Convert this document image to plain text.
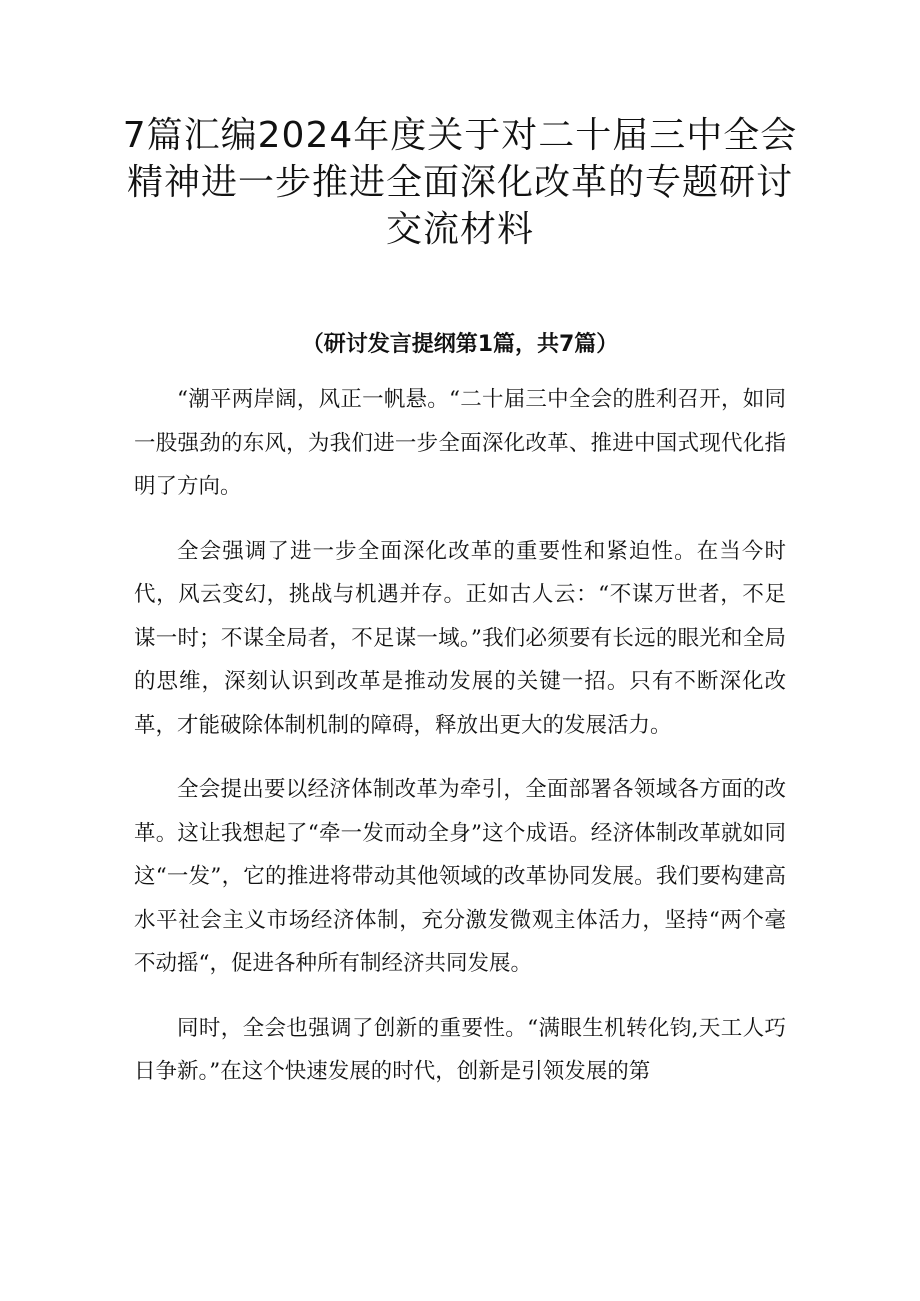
7篇汇编2024年度关于对二十届三中全会
精神进一步推进全面深化改革的专题研讨
交流材料
（研讨发言提纲第1篇，共7篇）

“潮平两岸阔，风正一帆悬。“二十届三中全会的胜利召开，如同一股强劲的东风，为我们进一步全面深化改革、推进中国式现代化指明了方向。

全会强调了进一步全面深化改革的重要性和紧迫性。在当今时代，风云变幻，挑战与机遇并存。正如古人云：“不谋万世者，不足谋一时；不谋全局者，不足谋一域。”我们必须要有长远的眼光和全局的思维，深刻认识到改革是推动发展的关键一招。只有不断深化改革，才能破除体制机制的障碍，释放出更大的发展活力。

全会提出要以经济体制改革为牵引，全面部署各领域各方面的改革。这让我想起了“牵一发而动全身”这个成语。经济体制改革就如同这“一发”，它的推进将带动其他领域的改革协同发展。我们要构建高水平社会主义市场经济体制，充分激发微观主体活力，坚持“两个毫不动摇“，促进各种所有制经济共同发展。

同时，全会也强调了创新的重要性。“满眼生机转化钧,天工人巧日争新。”在这个快速发展的时代，创新是引领发展的第
